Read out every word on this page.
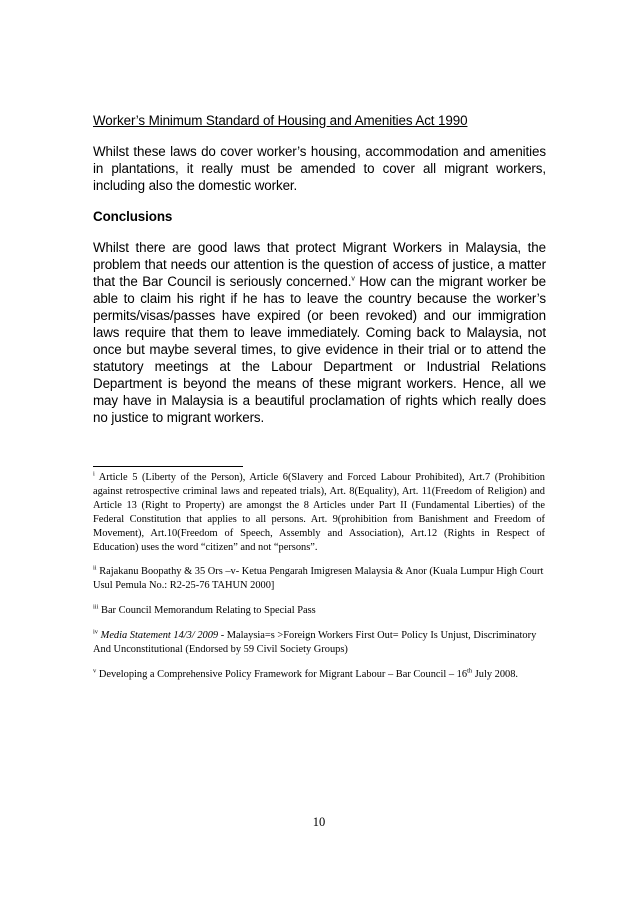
Worker’s Minimum Standard of Housing and Amenities Act 1990

Whilst these laws do cover worker’s housing, accommodation and amenities in plantations, it really must be amended to cover all migrant workers, including also the domestic worker.

Conclusions

Whilst there are good laws that protect Migrant Workers in Malaysia, the problem that needs our attention is the question of access of justice, a matter that the Bar Council is seriously concerned.$^v$ How can the migrant worker be able to claim his right if he has to leave the country because the worker’s permits/visas/passes have expired (or been revoked) and our immigration laws require that them to leave immediately. Coming back to Malaysia, not once but maybe several times, to give evidence in their trial or to attend the statutory meetings at the Labour Department or Industrial Relations Department is beyond the means of these migrant workers. Hence, all we may have in Malaysia is a beautiful proclamation of rights which really does no justice to migrant workers.

$^i$ Article 5 (Liberty of the Person), Article 6(Slavery and Forced Labour Prohibited), Art.7 (Prohibition against retrospective criminal laws and repeated trials), Art. 8(Equality), Art. 11(Freedom of Religion) and Article 13 (Right to Property) are amongst the 8 Articles under Part II (Fundamental Liberties) of the Federal Constitution that applies to all persons. Art. 9(prohibition from Banishment and Freedom of Movement), Art.10(Freedom of Speech, Assembly and Association), Art.12 (Rights in Respect of Education) uses the word “citizen” and not “persons”.

$^{ii}$ Rajakanu Boopathy & 35 Ors –v- Ketua Pengarah Imigresen Malaysia & Anor (Kuala Lumpur High Court Usul Pemula No.: R2-25-76 TAHUN 2000]

$^{iii}$ Bar Council Memorandum Relating to Special Pass

$^{iv}$ Media Statement 14/3/ 2009 - Malaysia=s >Foreign Workers First Out= Policy Is Unjust, Discriminatory And Unconstitutional (Endorsed by 59 Civil Society Groups)

$^v$ Developing a Comprehensive Policy Framework for Migrant Labour – Bar Council – 16th July 2008.

10
